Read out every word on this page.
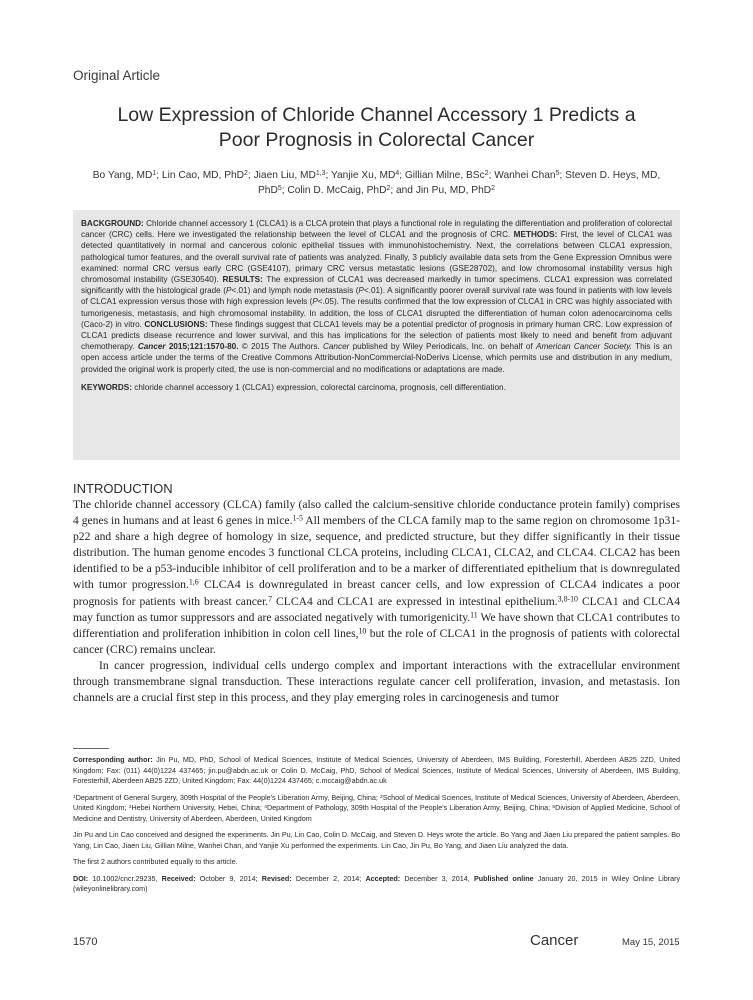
Original Article
Low Expression of Chloride Channel Accessory 1 Predicts a
Poor Prognosis in Colorectal Cancer
Bo Yang, $MD^1$; Lin Cao, MD, PhD$^2$; Jiaen Liu, MD$^{1,3}$; Yanjie Xu, $MD^4$; Gillian Milne, BSc$^2$; Wanhei Chan$^5$; Steven D. Heys, MD, PhD$^5$; Colin D. McCaig, PhD$^2$; and Jin Pu, MD, PhD$^2$

BACKGROUND: Chloride channel accessory 1 (CLCA1) is a CLCA protein that plays a functional role in regulating the differentiation and proliferation of colorectal cancer (CRC) cells. Here we investigated the relationship between the level of CLCA1 and the prognosis of CRC. METHODS: First, the level of CLCA1 was detected quantitatively in normal and cancerous colonic epithelial tissues with immunohistochemistry. Next, the correlations between CLCA1 expression, pathological tumor features, and the overall survival rate of patients was analyzed. Finally, 3 publicly available data sets from the Gene Expression Omnibus were examined: normal CRC versus early CRC (GSE4107), primary CRC versus metastatic lesions (GSE28702), and low chromosomal instability versus high chromosomal instability (GSE30540). RESULTS: The expression of CLCA1 was decreased markedly in tumor specimens. CLCA1 expression was correlated significantly with the histological grade (P<.01) and lymph node metastasis (P<.01). A significantly poorer overall survival rate was found in patients with low levels of CLCA1 expression versus those with high expression levels (P<.05). The results confirmed that the low expression of CLCA1 in CRC was highly associated with tumorigenesis, metastasis, and high chromosomal instability. In addition, the loss of CLCA1 disrupted the differentiation of human colon adenocarcinoma cells (Caco-2) in vitro. CONCLUSIONS: These findings suggest that CLCA1 levels may be a potential predictor of prognosis in primary human CRC. Low expression of CLCA1 predicts disease recurrence and lower survival, and this has implications for the selection of patients most likely to need and benefit from adjuvant chemotherapy. Cancer 2015;121:1570-80. © 2015 The Authors. Cancer published by Wiley Periodicals, Inc. on behalf of American Cancer Society. This is an open access article under the terms of the Creative Commons Attribution-NonCommercial-NoDerivs License, which permits use and distribution in any medium, provided the original work is properly cited, the use is non-commercial and no modifications or adaptations are made.

KEYWORDS: chloride channel accessory 1 (CLCA1) expression, colorectal carcinoma, prognosis, cell differentiation.

INTRODUCTION

The chloride channel accessory (CLCA) family (also called the calcium-sensitive chloride conductance protein family) comprises 4 genes in humans and at least 6 genes in mice.$^{1-5}$ All members of the CLCA family map to the same region on chromosome 1p31-p22 and share a high degree of homology in size, sequence, and predicted structure, but they differ significantly in their tissue distribution. The human genome encodes 3 functional CLCA proteins, including CLCA1, CLCA2, and CLCA4. CLCA2 has been identified to be a p53-inducible inhibitor of cell proliferation and to be a marker of differentiated epithelium that is downregulated with tumor progression.$^{1,6}$ CLCA4 is downregulated in breast cancer cells, and low expression of CLCA4 indicates a poor prognosis for patients with breast cancer.$^7$ CLCA4 and CLCA1 are expressed in intestinal epithelium.$^{3,8-10}$ CLCA1 and CLCA4 may function as tumor suppressors and are associated negatively with tumorigenicity.$^{11}$ We have shown that CLCA1 contributes to differentiation and proliferation inhibition in colon cell lines,$^{10}$ but the role of CLCA1 in the prognosis of patients with colorectal cancer (CRC) remains unclear.

In cancer progression, individual cells undergo complex and important interactions with the extracellular environment through transmembrane signal transduction. These interactions regulate cancer cell proliferation, invasion, and metastasis. Ion channels are a crucial first step in this process, and they play emerging roles in carcinogenesis and tumor

Corresponding author: Jin Pu, MD, PhD, School of Medical Sciences, Institute of Medical Sciences, University of Aberdeen, IMS Building, Foresterhill, Aberdeen AB25 2ZD, United Kingdom; Fax: (011) 44(0)1224 437465; jin.pu@abdn.ac.uk or Colin D. McCaig, PhD, School of Medical Sciences, Institute of Medical Sciences, University of Aberdeen, IMS Building, Foresterhill, Aberdeen AB25 2ZD, United Kingdom; Fax: 44(0)1224 437465; c.mccaig@abdn.ac.uk

$^1$Department of General Surgery, 309th Hospital of the People's Liberation Army, Beijing, China; $^2$School of Medical Sciences, Institute of Medical Sciences, University of Aberdeen, Aberdeen, United Kingdom; $^3$Hebei Northern University, Hebei, China; $^4$Department of Pathology, 309th Hospital of the People's Liberation Army, Beijing, China; $^5$Division of Applied Medicine, School of Medicine and Dentistry, University of Aberdeen, Aberdeen, United Kingdom

Jin Pu and Lin Cao conceived and designed the experiments. Jin Pu, Lin Cao, Colin D. McCaig, and Steven D. Heys wrote the article. Bo Yang and Jiaen Liu prepared the patient samples. Bo Yang, Lin Cao, Jiaen Liu, Gillian Milne, Wanhei Chan, and Yanjie Xu performed the experiments. Lin Cao, Jin Pu, Bo Yang, and Jiaen Liu analyzed the data.

The first 2 authors contributed equally to this article.

DOI: 10.1002/cncr.29235, Received: October 9, 2014; Revised: December 2, 2014; Accepted: December 3, 2014, Published online January 20, 2015 in Wiley Online Library (wileyonlinelibrary.com)

1570	Cancer	May 15, 2015
